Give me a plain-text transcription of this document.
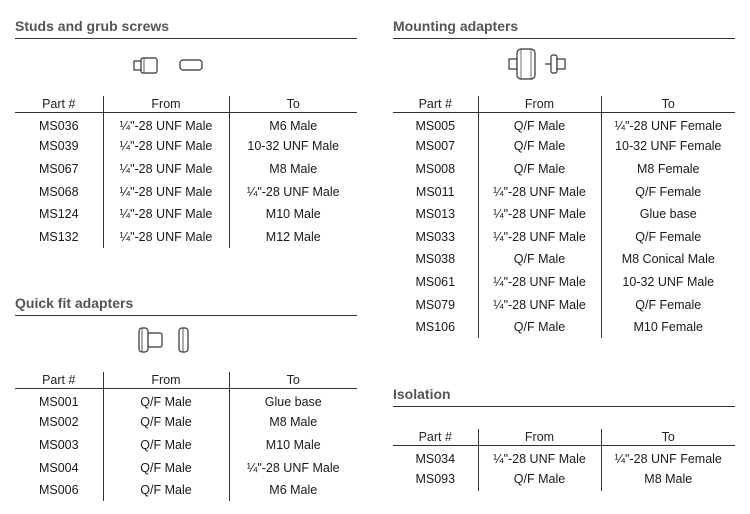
Studs and grub screws
Part #	From	To
MS036	¼"-28 UNF Male	M6 Male
MS039	¼"-28 UNF Male	10-32 UNF Male
MS067	¼"-28 UNF Male	M8 Male
MS068	¼"-28 UNF Male	¼"-28 UNF Male
MS124	¼"-28 UNF Male	M10 Male
MS132	¼"-28 UNF Male	M12 Male
Quick fit adapters
Part #	From	To
MS001	Q/F Male	Glue base
MS002	Q/F Male	M8 Male
MS003	Q/F Male	M10 Male
MS004	Q/F Male	¼"-28 UNF Male
MS006	Q/F Male	M6 Male
Mounting adapters
Part #	From	To
MS005	Q/F Male	¼"-28 UNF Female
MS007	Q/F Male	10-32 UNF Female
MS008	Q/F Male	M8 Female
MS011	¼"-28 UNF Male	Q/F Female
MS013	¼"-28 UNF Male	Glue base
MS033	¼"-28 UNF Male	Q/F Female
MS038	Q/F Male	M8 Conical Male
MS061	¼"-28 UNF Male	10-32 UNF Male
MS079	¼"-28 UNF Male	Q/F Female
MS106	Q/F Male	M10 Female
Isolation
Part #	From	To
MS034	¼"-28 UNF Male	¼"-28 UNF Female
MS093	Q/F Male	M8 Male
